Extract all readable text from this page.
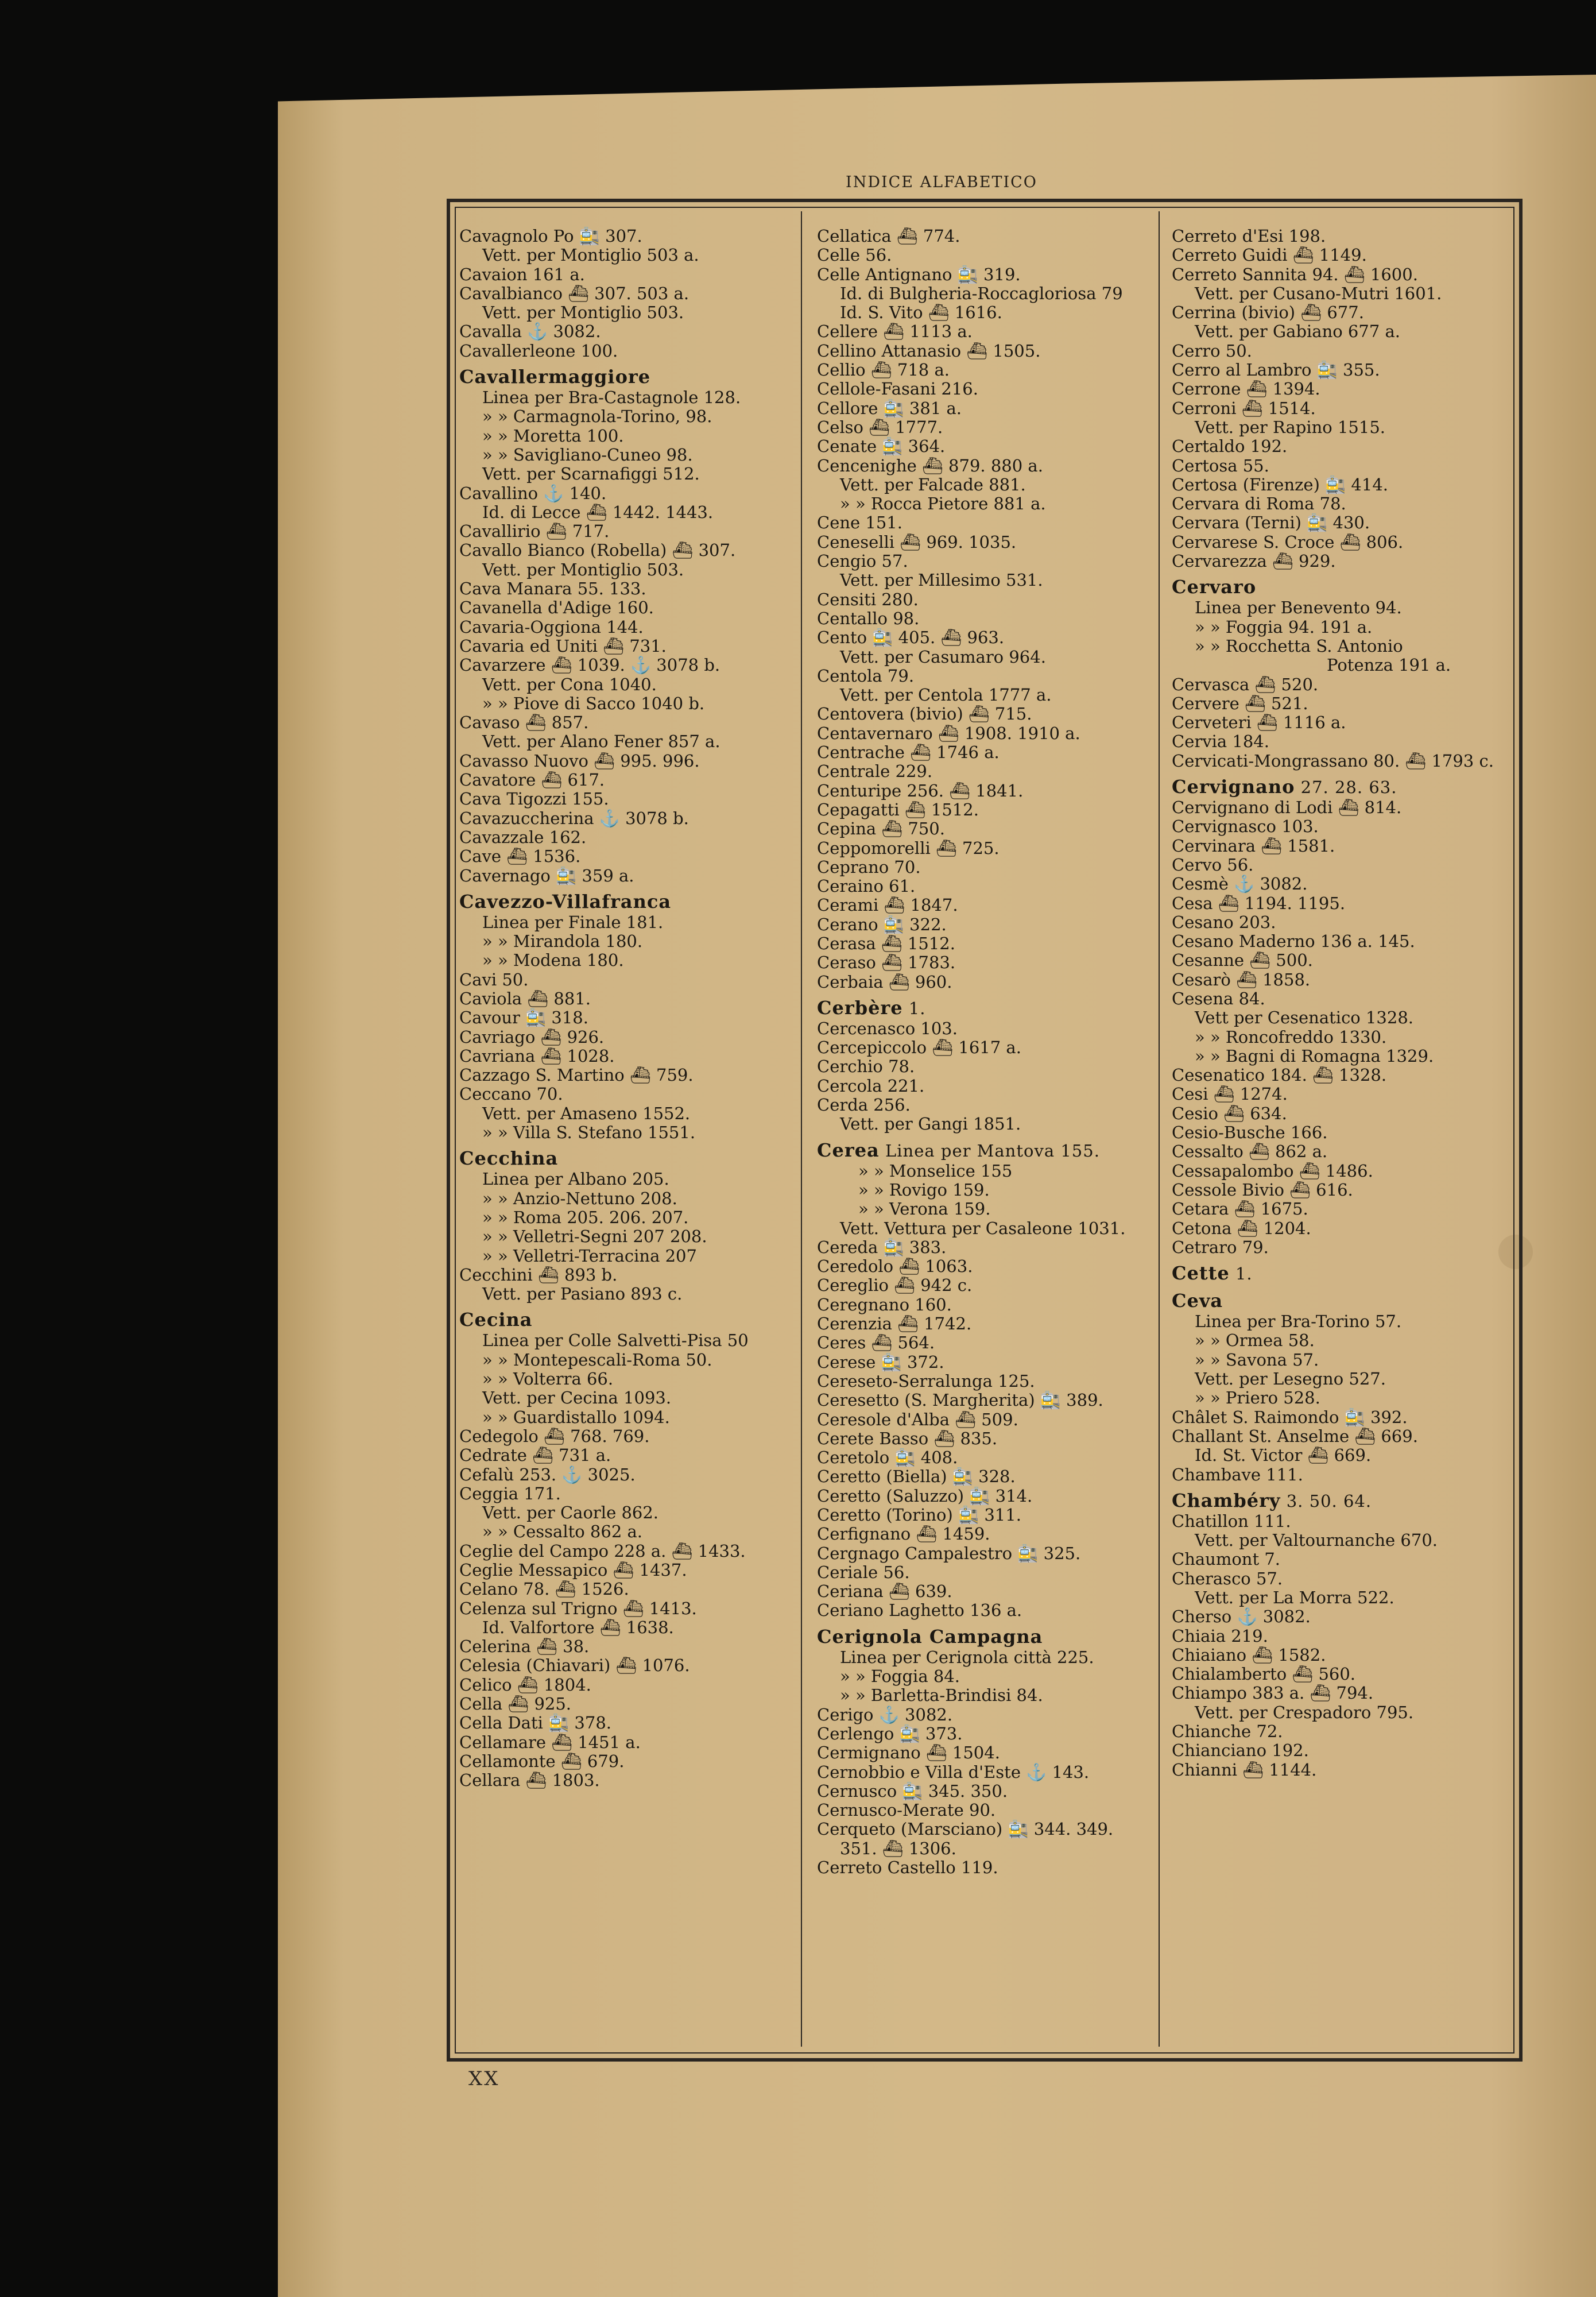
INDICE ALFABETICO
Cavagnolo Po 🚉 307.
Vett. per Montiglio 503 a.
Cavaion 161 a.
Cavalbianco ⛴ 307. 503 a.
Vett. per Montiglio 503.
Cavalla ⚓ 3082.
Cavallerleone 100.
Cavallermaggiore
Linea per Bra-Castagnole 128.
» » Carmagnola-Torino, 98.
» » Moretta 100.
» » Savigliano-Cuneo 98.
Vett. per Scarnafiggi 512.
Cavallino ⚓ 140.
Id. di Lecce ⛴ 1442. 1443.
Cavallirio ⛴ 717.
Cavallo Bianco (Robella) ⛴ 307.
Vett. per Montiglio 503.
Cava Manara 55. 133.
Cavanella d'Adige 160.
Cavaria-Oggiona 144.
Cavaria ed Uniti ⛴ 731.
Cavarzere ⛴ 1039. ⚓ 3078 b.
Vett. per Cona 1040.
» » Piove di Sacco 1040 b.
Cavaso ⛴ 857.
Vett. per Alano Fener 857 a.
Cavasso Nuovo ⛴ 995. 996.
Cavatore ⛴ 617.
Cava Tigozzi 155.
Cavazuccherina ⚓ 3078 b.
Cavazzale 162.
Cave ⛴ 1536.
Cavernago 🚉 359 a.
Cavezzo-Villafranca
Linea per Finale 181.
» » Mirandola 180.
» » Modena 180.
Cavi 50.
Caviola ⛴ 881.
Cavour 🚉 318.
Cavriago ⛴ 926.
Cavriana ⛴ 1028.
Cazzago S. Martino ⛴ 759.
Ceccano 70.
Vett. per Amaseno 1552.
» » Villa S. Stefano 1551.
Cecchina
Linea per Albano 205.
» » Anzio-Nettuno 208.
» » Roma 205. 206. 207.
» » Velletri-Segni 207 208.
» » Velletri-Terracina 207
Cecchini ⛴ 893 b.
Vett. per Pasiano 893 c.
Cecina
Linea per Colle Salvetti-Pisa 50
» » Montepescali-Roma 50.
» » Volterra 66.
Vett. per Cecina 1093.
» » Guardistallo 1094.
Cedegolo ⛴ 768. 769.
Cedrate ⛴ 731 a.
Cefalù 253. ⚓ 3025.
Ceggia 171.
Vett. per Caorle 862.
» » Cessalto 862 a.
Ceglie del Campo 228 a. ⛴ 1433.
Ceglie Messapico ⛴ 1437.
Celano 78. ⛴ 1526.
Celenza sul Trigno ⛴ 1413.
Id. Valfortore ⛴ 1638.
Celerina ⛴ 38.
Celesia (Chiavari) ⛴ 1076.
Celico ⛴ 1804.
Cella ⛴ 925.
Cella Dati 🚉 378.
Cellamare ⛴ 1451 a.
Cellamonte ⛴ 679.
Cellara ⛴ 1803.
Cellatica ⛴ 774.
Celle 56.
Celle Antignano 🚉 319.
Id. di Bulgheria-Roccagloriosa 79
Id. S. Vito ⛴ 1616.
Cellere ⛴ 1113 a.
Cellino Attanasio ⛴ 1505.
Cellio ⛴ 718 a.
Cellole-Fasani 216.
Cellore 🚉 381 a.
Celso ⛴ 1777.
Cenate 🚉 364.
Cencenighe ⛴ 879. 880 a.
Vett. per Falcade 881.
» » Rocca Pietore 881 a.
Cene 151.
Ceneselli ⛴ 969. 1035.
Cengio 57.
Vett. per Millesimo 531.
Censiti 280.
Centallo 98.
Cento 🚉 405. ⛴ 963.
Vett. per Casumaro 964.
Centola 79.
Vett. per Centola 1777 a.
Centovera (bivio) ⛴ 715.
Centavernaro ⛴ 1908. 1910 a.
Centrache ⛴ 1746 a.
Centrale 229.
Centuripe 256. ⛴ 1841.
Cepagatti ⛴ 1512.
Cepina ⛴ 750.
Ceppomorelli ⛴ 725.
Ceprano 70.
Ceraino 61.
Cerami ⛴ 1847.
Cerano 🚉 322.
Cerasa ⛴ 1512.
Ceraso ⛴ 1783.
Cerbaia ⛴ 960.
Cerbère 1.
Cercenasco 103.
Cercepiccolo ⛴ 1617 a.
Cerchio 78.
Cercola 221.
Cerda 256.
Vett. per Gangi 1851.
Cerea Linea per Mantova 155.
» » Monselice 155
» » Rovigo 159.
» » Verona 159.
Vett. Vettura per Casaleone 1031.
Cereda 🚉 383.
Ceredolo ⛴ 1063.
Cereglio ⛴ 942 c.
Ceregnano 160.
Cerenzia ⛴ 1742.
Ceres ⛴ 564.
Cerese 🚉 372.
Cereseto-Serralunga 125.
Ceresetto (S. Margherita) 🚉 389.
Ceresole d'Alba ⛴ 509.
Cerete Basso ⛴ 835.
Ceretolo 🚉 408.
Ceretto (Biella) 🚉 328.
Ceretto (Saluzzo) 🚉 314.
Ceretto (Torino) 🚉 311.
Cerfignano ⛴ 1459.
Cergnago Campalestro 🚉 325.
Ceriale 56.
Ceriana ⛴ 639.
Ceriano Laghetto 136 a.
Cerignola Campagna
Linea per Cerignola città 225.
» » Foggia 84.
» » Barletta-Brindisi 84.
Cerigo ⚓ 3082.
Cerlengo 🚉 373.
Cermignano ⛴ 1504.
Cernobbio e Villa d'Este ⚓ 143.
Cernusco 🚉 345. 350.
Cernusco-Merate 90.
Cerqueto (Marsciano) 🚉 344. 349.
351. ⛴ 1306.
Cerreto Castello 119.
Cerreto d'Esi 198.
Cerreto Guidi ⛴ 1149.
Cerreto Sannita 94. ⛴ 1600.
Vett. per Cusano-Mutri 1601.
Cerrina (bivio) ⛴ 677.
Vett. per Gabiano 677 a.
Cerro 50.
Cerro al Lambro 🚉 355.
Cerrone ⛴ 1394.
Cerroni ⛴ 1514.
Vett. per Rapino 1515.
Certaldo 192.
Certosa 55.
Certosa (Firenze) 🚉 414.
Cervara di Roma 78.
Cervara (Terni) 🚉 430.
Cervarese S. Croce ⛴ 806.
Cervarezza ⛴ 929.
Cervaro
Linea per Benevento 94.
» » Foggia 94. 191 a.
» » Rocchetta S. Antonio
Potenza 191 a.
Cervasca ⛴ 520.
Cervere ⛴ 521.
Cerveteri ⛴ 1116 a.
Cervia 184.
Cervicati-Mongrassano 80. ⛴ 1793 c.
Cervignano 27. 28. 63.
Cervignano di Lodi ⛴ 814.
Cervignasco 103.
Cervinara ⛴ 1581.
Cervo 56.
Cesmè ⚓ 3082.
Cesa ⛴ 1194. 1195.
Cesano 203.
Cesano Maderno 136 a. 145.
Cesanne ⛴ 500.
Cesarò ⛴ 1858.
Cesena 84.
Vett per Cesenatico 1328.
» » Roncofreddo 1330.
» » Bagni di Romagna 1329.
Cesenatico 184. ⛴ 1328.
Cesi ⛴ 1274.
Cesio ⛴ 634.
Cesio-Busche 166.
Cessalto ⛴ 862 a.
Cessapalombo ⛴ 1486.
Cessole Bivio ⛴ 616.
Cetara ⛴ 1675.
Cetona ⛴ 1204.
Cetraro 79.
Cette 1.
Ceva
Linea per Bra-Torino 57.
» » Ormea 58.
» » Savona 57.
Vett. per Lesegno 527.
» » Priero 528.
Châlet S. Raimondo 🚉 392.
Challant St. Anselme ⛴ 669.
Id. St. Victor ⛴ 669.
Chambave 111.
Chambéry 3. 50. 64.
Chatillon 111.
Vett. per Valtournanche 670.
Chaumont 7.
Cherasco 57.
Vett. per La Morra 522.
Cherso ⚓ 3082.
Chiaia 219.
Chiaiano ⛴ 1582.
Chialamberto ⛴ 560.
Chiampo 383 a. ⛴ 794.
Vett. per Crespadoro 795.
Chianche 72.
Chianciano 192.
Chianni ⛴ 1144.
XX
